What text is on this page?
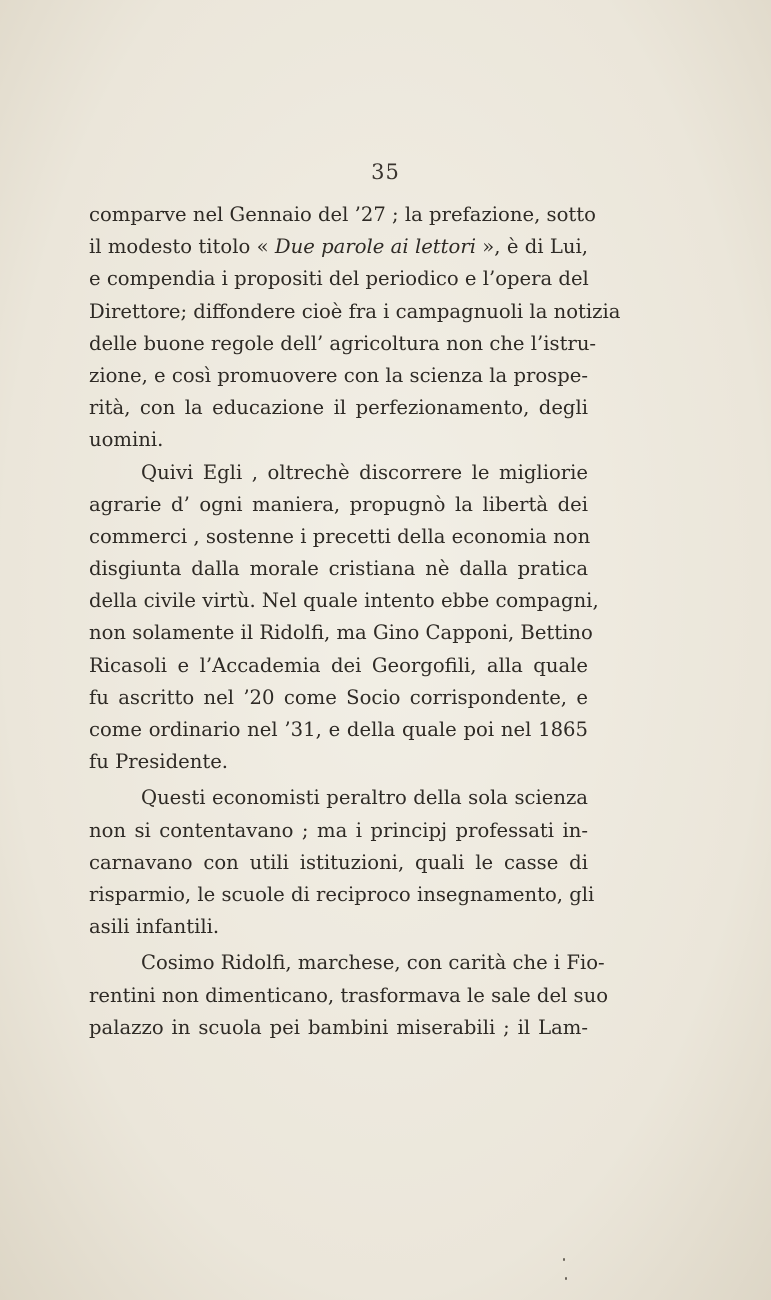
35
comparve nel Gennaio del ’27 ; la prefazione, sotto
il modesto titolo « Due parole ai lettori », è di Lui,
e compendia i propositi del periodico e l’opera del
Direttore; diffondere cioè fra i campagnuoli la notizia
delle buone regole dell’ agricoltura non che l’istru-
zione, e così promuovere con la scienza la prospe-
rità, con la educazione il perfezionamento, degli
uomini.
Quivi Egli , oltrechè discorrere le migliorie
agrarie d’ ogni maniera, propugnò la libertà dei
commerci , sostenne i precetti della economia non
disgiunta dalla morale cristiana nè dalla pratica
della civile virtù. Nel quale intento ebbe compagni,
non solamente il Ridolfi, ma Gino Capponi, Bettino
Ricasoli e l’Accademia dei Georgofili, alla quale
fu ascritto nel ’20 come Socio corrispondente, e
come ordinario nel ’31, e della quale poi nel 1865
fu Presidente.
Questi economisti peraltro della sola scienza
non si contentavano ; ma i principj professati in-
carnavano con utili istituzioni, quali le casse di
risparmio, le scuole di reciproco insegnamento, gli
asili infantili.
Cosimo Ridolfi, marchese, con carità che i Fio-
rentini non dimenticano, trasformava le sale del suo
palazzo in scuola pei bambini miserabili ; il Lam-
